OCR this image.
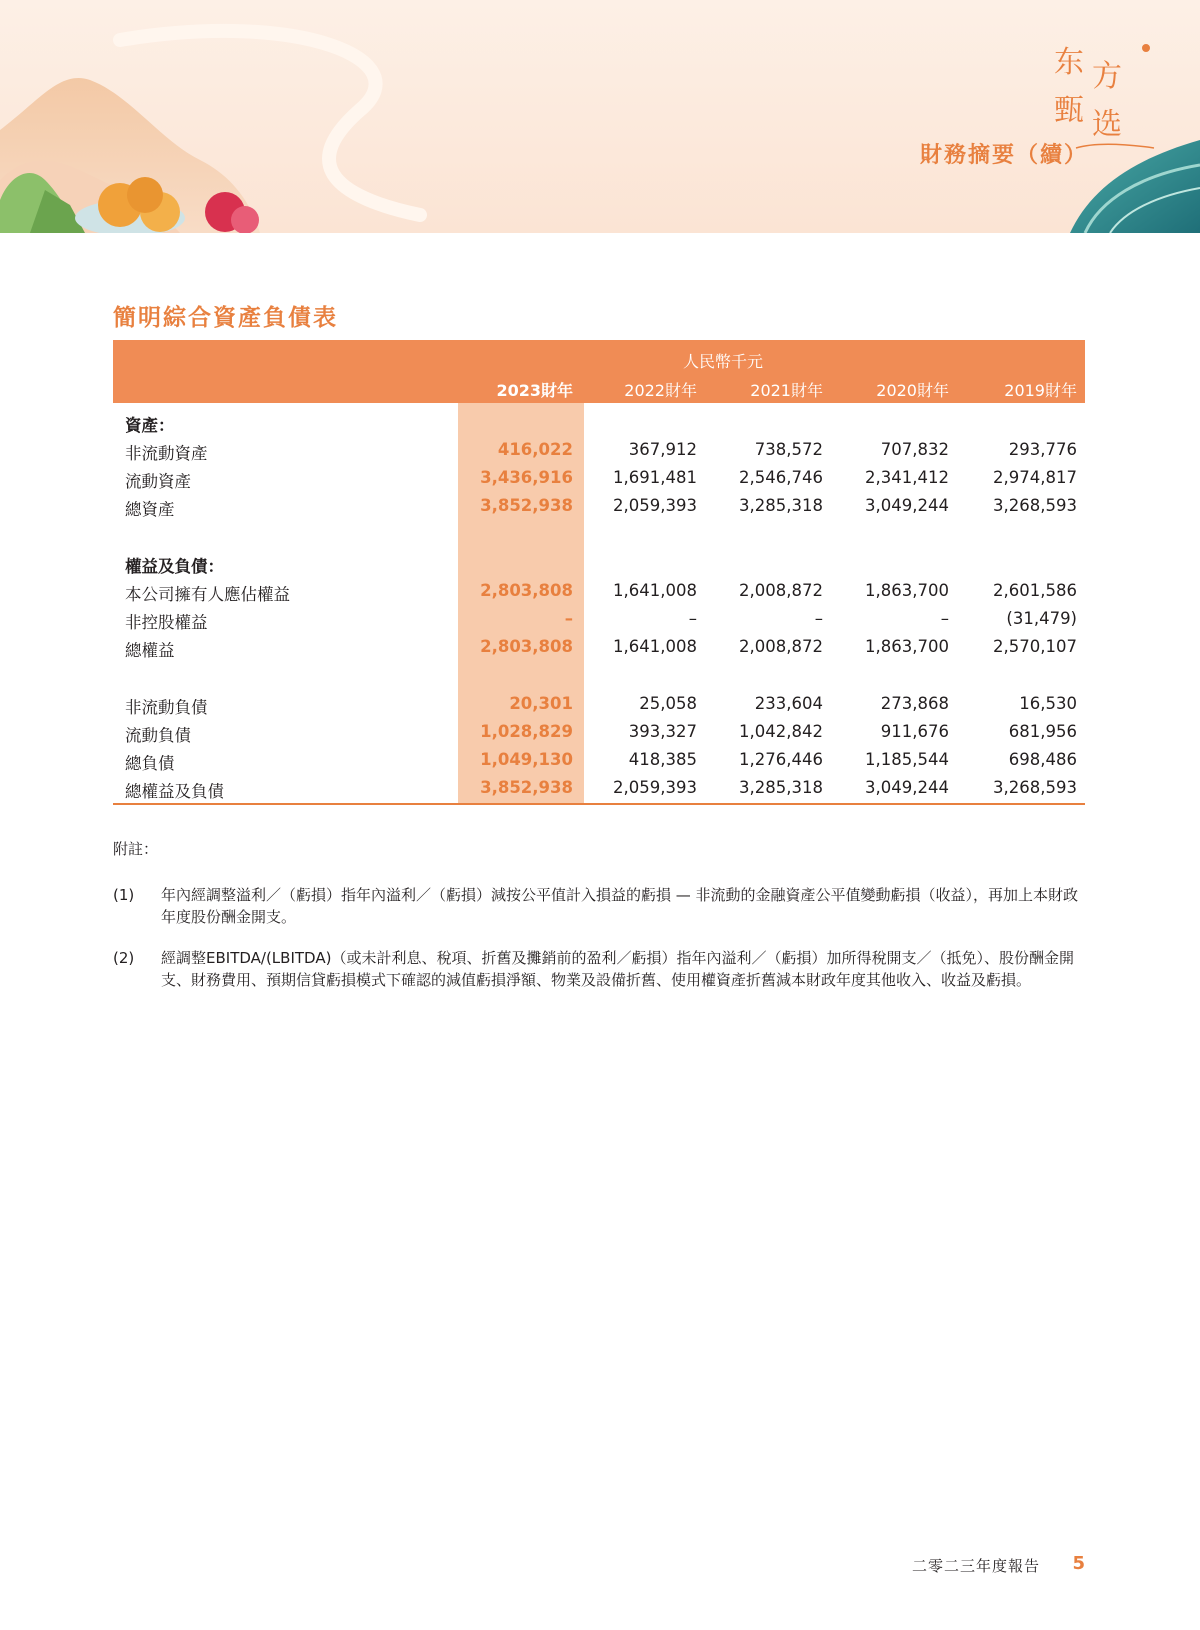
东 方
甄 选
財務摘要（續）
簡明綜合資產負債表
人民幣千元
2023財年	2022財年	2021財年	2020財年	2019財年
資產：
非流動資產	416,022	367,912	738,572	707,832	293,776
流動資產	3,436,916	1,691,481	2,546,746	2,341,412	2,974,817
總資產	3,852,938	2,059,393	3,285,318	3,049,244	3,268,593
權益及負債：
本公司擁有人應佔權益	2,803,808	1,641,008	2,008,872	1,863,700	2,601,586
非控股權益	–	–	–	–	(31,479)
總權益	2,803,808	1,641,008	2,008,872	1,863,700	2,570,107
非流動負債	20,301	25,058	233,604	273,868	16,530
流動負債	1,028,829	393,327	1,042,842	911,676	681,956
總負債	1,049,130	418,385	1,276,446	1,185,544	698,486
總權益及負債	3,852,938	2,059,393	3,285,318	3,049,244	3,268,593
附註：
(1) 年內經調整溢利／（虧損）指年內溢利／（虧損）減按公平值計入損益的虧損 — 非流動的金融資產公平值變動虧損（收益），再加上本財政年度股份酬金開支。
(2) 經調整EBITDA/(LBITDA)（或未計利息、稅項、折舊及攤銷前的盈利／虧損）指年內溢利／（虧損）加所得稅開支／（抵免）、股份酬金開支、財務費用、預期信貸虧損模式下確認的減值虧損淨額、物業及設備折舊、使用權資產折舊減本財政年度其他收入、收益及虧損。
二零二三年度報告 5
